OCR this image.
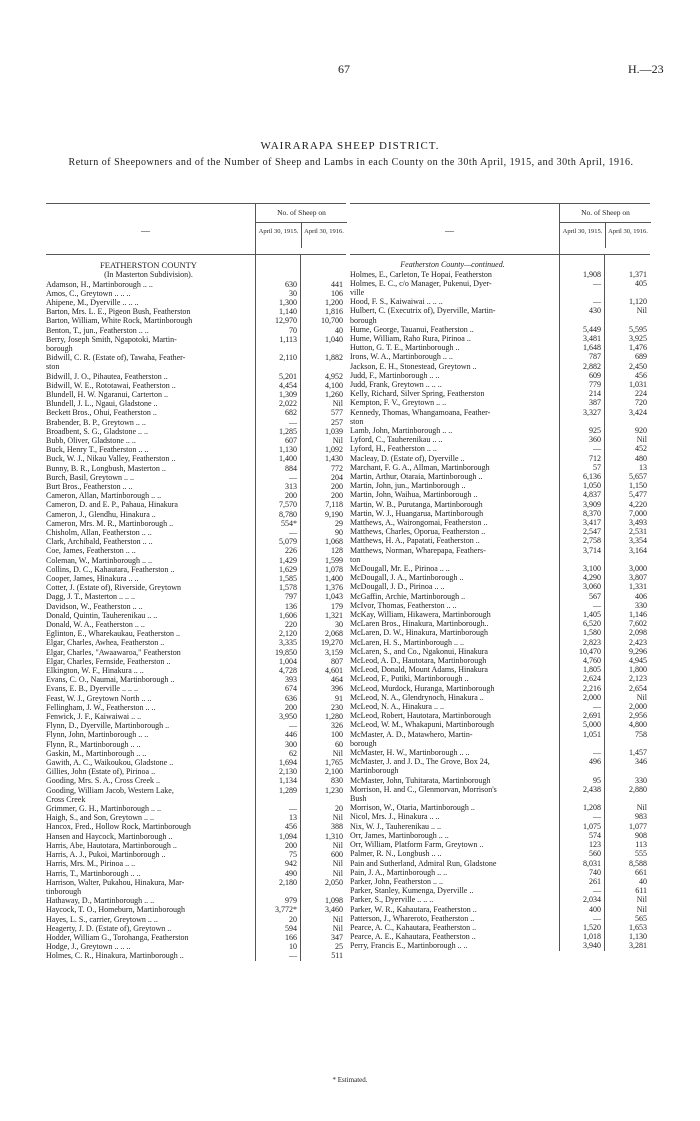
67	H.—23
WAIRARAPA SHEEP DISTRICT.
Return of Sheepowners and of the Number of Sheep and Lambs in each County on the 30th April, 1915, and 30th April, 1916.
—
No. of Sheep on
April 30, 1915. April 30, 1916.
FEATHERSTON COUNTY
(In Masterton Subdivision).
Adamson, H., Martinborough .. ..	630	441
Amos, C., Greytown .. .. ..	30	106
Ahipene, M., Dyerville .. .. ..	1,300	1,200
Barton, Mrs. L. E., Pigeon Bush, Featherston	1,140	1,816
Barton, William, White Rock, Martinborough	12,970	10,700
Benton, T., jun., Featherston .. ..	70	40
Berry, Joseph Smith, Ngapotoki, Martin-	1,113	1,040
borough
Bidwill, C. R. (Estate of), Tawaha, Feather-	2,110	1,882
ston
Bidwill, J. O., Pihautea, Featherston ..	5,201	4,952
Bidwill, W. E., Rototawai, Featherston ..	4,454	4,100
Blundell, H. W. Ngaranui, Carterton ..	1,309	1,260
Blundell, J. L., Ngaui, Gladstone ..	2,022	Nil
Beckett Bros., Ohui, Featherston ..	682	577
Brabender, B. P., Greytown .. ..	—	257
Broadbent, S. G., Gladstone .. ..	1,285	1,039
Bubb, Oliver, Gladstone .. ..	607	Nil
Buck, Henry T., Featherston .. ..	1,130	1,092
Buck, W. J., Nikau Valley, Featherston ..	1,400	1,430
Bunny, B. R., Longbush, Masterton ..	884	772
Burch, Basil, Greytown .. ..	—	204
Burt Bros., Featherston .. ..	313	200
Cameron, Allan, Martinborough .. ..	200	200
Cameron, D. and E. P., Pahaua, Hinakura	7,570	7,118
Cameron, J., Glendhu, Hinakura ..	8,780	9,190
Cameron, Mrs. M. R., Martinborough ..	554*	29
Chisholm, Allan, Featherston .. ..	—	90
Clark, Archibald, Featherston .. ..	5,079	1,068
Coe, James, Featherston .. ..	226	128
Coleman, W., Martinborough .. ..	1,429	1,599
Collins, D. C., Kahautara, Featherston ..	1,629	1,078
Cooper, James, Hinakura .. ..	1,585	1,400
Cotter, J. (Estate of), Riverside, Greytown	1,578	1,376
Dagg, J. T., Masterton .. .. ..	797	1,043
Davidson, W., Featherston .. ..	136	179
Donald, Quintin, Tauherenikau .. ..	1,606	1,321
Donald, W. A., Featherston .. ..	220	30
Eglinton, E., Wharekaukau, Featherston ..	2,120	2,068
Elgar, Charles, Awhea, Featherston ..	3,335	19,270
Elgar, Charles, "Awaawaroa," Featherston	19,850	3,159
Elgar, Charles, Fernside, Featherston ..	1,004	807
Elkington, W. F., Hinakura .. ..	4,728	4,601
Evans, C. O., Naumai, Martinborough ..	393	464
Evans, E. B., Dyerville .. .. ..	674	396
Feast, W. J., Greytown North .. ..	636	91
Fellingham, J. W., Featherston .. ..	200	230
Fenwick, J. F., Kaiwaiwai .. ..	3,950	1,280
Flynn, D., Dyerville, Martinborough ..	—	326
Flynn, John, Martinborough .. ..	446	100
Flynn, R., Martinborough .. ..	300	60
Gaskin, M., Martinborough .. ..	62	Nil
Gawith, A. C., Waikoukou, Gladstone ..	1,694	1,765
Gillies, John (Estate of), Pirinoa ..	2,130	2,100
Gooding, Mrs. S. A., Cross Creek ..	1,134	830
Gooding, William Jacob, Western Lake,	1,289	1,230
Cross Creek
Grimmer, G. H., Martinborough .. ..	—	20
Haigh, S., and Son, Greytown .. ..	13	Nil
Hancox, Fred., Hollow Rock, Martinborough	456	388
Hansen and Haycock, Martinborough ..	1,094	1,310
Harris, Abe, Hautotara, Martinborough ..	200	Nil
Harris, A. J., Pukoi, Martinborough ..	75	600
Harris, Mrs. M., Pirinoa .. ..	942	Nil
Harris, T., Martinborough .. ..	490	Nil
Harrison, Walter, Pukahou, Hinakura, Mar-	2,180	2,050
tinborough
Hathaway, D., Martinborough .. ..	979	1,098
Haycock, T. O., Homeburn, Martinborough	3,772*	3,460
Hayes, L. S., carrier, Greytown .. ..	20	Nil
Heagerty, J. D. (Estate of), Greytown ..	594	Nil
Hodder, William G., Torohanga, Featherston	166	347
Hodge, J., Greytown .. .. ..	10	25
Holmes, C. R., Hinakura, Martinborough ..	—	511
—
No. of Sheep on
April 30, 1915. April 30, 1916.
Featherston County—continued.
Holmes, E., Carleton, Te Hopai, Featherston	1,908	1,371
Holmes, E. C., c/o Manager, Pukenui, Dyer-	—	405
ville
Hood, F. S., Kaiwaiwai .. .. ..	—	1,120
Hulbert, C. (Executrix of), Dyerville, Martin-	430	Nil
borough
Hume, George, Tauanui, Featherston ..	5,449	5,595
Hume, William, Raho Rura, Pirinoa ..	3,481	3,925
Hutton, G. T. E., Martinborough ..	1,648	1,476
Irons, W. A., Martinborough .. ..	787	689
Jackson, E. H., Stonestead, Greytown ..	2,882	2,450
Judd, F., Martinborough .. ..	609	456
Judd, Frank, Greytown .. .. ..	779	1,031
Kelly, Richard, Silver Spring, Featherston	214	224
Kempton, F. V., Greytown .. ..	387	720
Kennedy, Thomas, Whangamoana, Feather-	3,327	3,424
ston
Lamb, John, Martinborough .. ..	925	920
Lyford, C., Tauherenikau .. ..	360	Nil
Lyford, H., Featherston .. ..	—	452
Macleay, D. (Estate of), Dyerville ..	712	480
Marchant, F. G. A., Allman, Martinborough	57	13
Martin, Arthur, Otaraia, Martinborough ..	6,136	5,657
Martin, John, jun., Martinborough ..	1,050	1,150
Martin, John, Waihua, Martinborough ..	4,837	5,477
Martin, W. B., Purutanga, Martinborough	3,909	4,220
Martin, W. J., Huangarua, Martinborough	8,370	7,000
Matthews, A., Wairongomai, Featherston ..	3,417	3,493
Matthews, Charles, Oporua, Featherston ..	2,547	2,531
Matthews, H. A., Papatati, Featherston ..	2,758	3,354
Matthews, Norman, Wharepapa, Feathers-	3,714	3,164
ton
McDougall, Mr. E., Pirinoa .. ..	3,100	3,000
McDougall, J. A., Martinborough ..	4,290	3,807
McDougall, J. D., Pirinoa .. ..	3,060	1,331
McGaffin, Archie, Martinborough ..	567	406
McIvor, Thomas, Featherston .. ..	—	330
McKay, William, Hikawera, Martinborough	1,405	1,146
McLaren Bros., Hinakura, Martinborough..	6,520	7,602
McLaren, D. W., Hinakura, Martinborough	1,580	2,098
McLaren, H. S., Martinborough .. ..	2,823	2,423
McLaren, S., and Co., Ngakonui, Hinakura	10,470	9,296
McLeod, A. D., Hautotara, Martinborough	4,760	4,945
McLeod, Donald, Mount Adams, Hinakura	1,805	1,800
McLeod, F., Putiki, Martinborough ..	2,624	2,123
McLeod, Murdock, Huranga, Martinborough	2,216	2,654
McLeod, N. A., Glendrynoch, Hinakura ..	2,000	Nil
McLeod, N. A., Hinakura .. ..	—	2,000
McLeod, Robert, Hautotara, Martinborough	2,691	2,956
McLeod, W. M., Whakapuni, Martinborough	5,000	4,800
McMaster, A. D., Matawhero, Martin-	1,051	758
borough
McMaster, H. W., Martinborough .. ..	—	1,457
McMaster, J. and J. D., The Grove, Box 24,	496	346
Martinborough
McMaster, John, Tuhitarata, Martinborough	95	330
Morrison, H. and C., Glenmorvan, Morrison's	2,438	2,880
Bush
Morrison, W., Otaria, Martinborough ..	1,208	Nil
Nicol, Mrs. J., Hinakura .. ..	—	983
Nix, W. J., Tauherenikau .. ..	1,075	1,077
Orr, James, Martinborough .. ..	574	908
Orr, William, Platform Farm, Greytown ..	123	113
Palmer, R. N., Longbush .. ..	560	555
Pain and Sutherland, Admiral Run, Gladstone	8,031	8,588
Pain, J. A., Martinborough .. ..	740	661
Parker, John, Featherston .. ..	261	40
Parker, Stanley, Kumenga, Dyerville ..	—	611
Parker, S., Dyerville .. .. ..	2,034	Nil
Parker, W. R., Kahautara, Featherston ..	400	Nil
Patterson, J., Whareroto, Featherston ..	—	565
Pearce, A. C., Kahautara, Featherston ..	1,520	1,653
Pearce, A. E., Kahautara, Featherston ..	1,018	1,130
Perry, Francis E., Martinborough .. ..	3,940	3,281
* Estimated.
